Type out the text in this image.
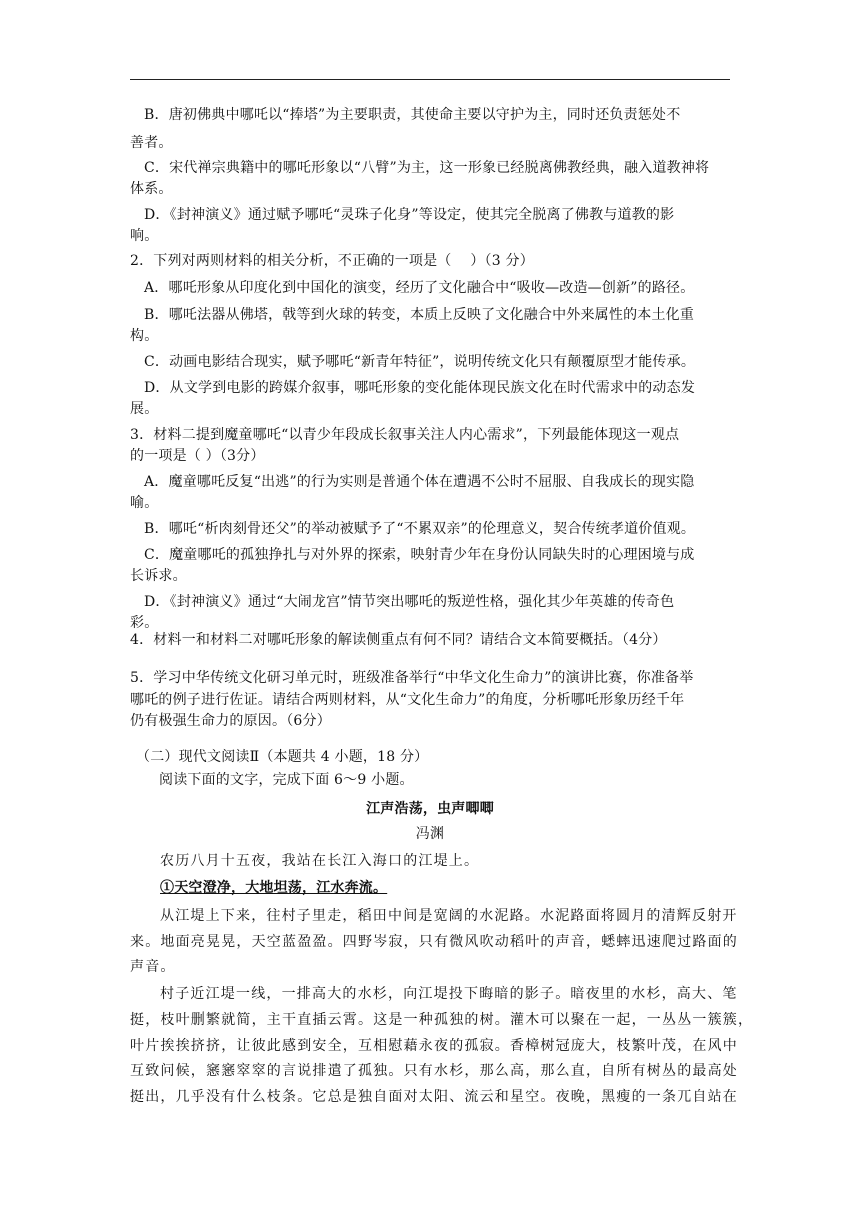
B．唐初佛典中哪吒以“捧塔”为主要职责，其使命主要以守护为主，同时还负责惩处不
善者。
C．宋代禅宗典籍中的哪吒形象以“八臂”为主，这一形象已经脱离佛教经典，融入道教神将
体系。
D．《封神演义》通过赋予哪吒“灵珠子化身”等设定，使其完全脱离了佛教与道教的影
响。
2．下列对两则材料的相关分析，不正确的一项是（　 ）（3 分）
A．哪吒形象从印度化到中国化的演变，经历了文化融合中“吸收—改造—创新”的路径。
B．哪吒法器从佛塔，戟等到火球的转变，本质上反映了文化融合中外来属性的本土化重
构。
C．动画电影结合现实，赋予哪吒“新青年特征”，说明传统文化只有颠覆原型才能传承。
D．从文学到电影的跨媒介叙事，哪吒形象的变化能体现民族文化在时代需求中的动态发
展。
3．材料二提到魔童哪吒“以青少年段成长叙事关注人内心需求”，下列最能体现这一观点
的一项是（ ）（3分）
A．魔童哪吒反复“出逃”的行为实则是普通个体在遭遇不公时不屈服、自我成长的现实隐
喻。
B．哪吒“析肉刻骨还父”的举动被赋予了“不累双亲”的伦理意义，契合传统孝道价值观。
C．魔童哪吒的孤独挣扎与对外界的探索，映射青少年在身份认同缺失时的心理困境与成
长诉求。
D．《封神演义》通过“大闹龙宫”情节突出哪吒的叛逆性格，强化其少年英雄的传奇色
彩。
4．材料一和材料二对哪吒形象的解读侧重点有何不同？请结合文本简要概括。（4分）
5．学习中华传统文化研习单元时，班级准备举行“中华文化生命力”的演讲比赛，你准备举
哪吒的例子进行佐证。请结合两则材料，从“文化生命力”的角度，分析哪吒形象历经千年
仍有极强生命力的原因。（6分）
（二）现代文阅读Ⅱ（本题共 4 小题，18 分）
阅读下面的文字，完成下面 6～9 小题。
江声浩荡，虫声唧唧
冯渊
农历八月十五夜，我站在长江入海口的江堤上。
①天空澄净，大地坦荡，江水奔流。
从江堤上下来，往村子里走，稻田中间是宽阔的水泥路。水泥路面将圆月的清辉反射开
来。地面亮晃晃，天空蓝盈盈。四野岑寂，只有微风吹动稻叶的声音，蟋蟀迅速爬过路面的
声音。
村子近江堤一线，一排高大的水杉，向江堤投下晦暗的影子。暗夜里的水杉，高大、笔
挺，枝叶删繁就简，主干直插云霄。这是一种孤独的树。灌木可以聚在一起，一丛丛一簇簇，
叶片挨挨挤挤，让彼此感到安全，互相慰藉永夜的孤寂。香樟树冠庞大，枝繁叶茂，在风中
互致问候，窸窸窣窣的言说排遣了孤独。只有水杉，那么高，那么直，自所有树丛的最高处
挺出，几乎没有什么枝条。它总是独自面对太阳、流云和星空。夜晚，黑瘦的一条兀自站在
